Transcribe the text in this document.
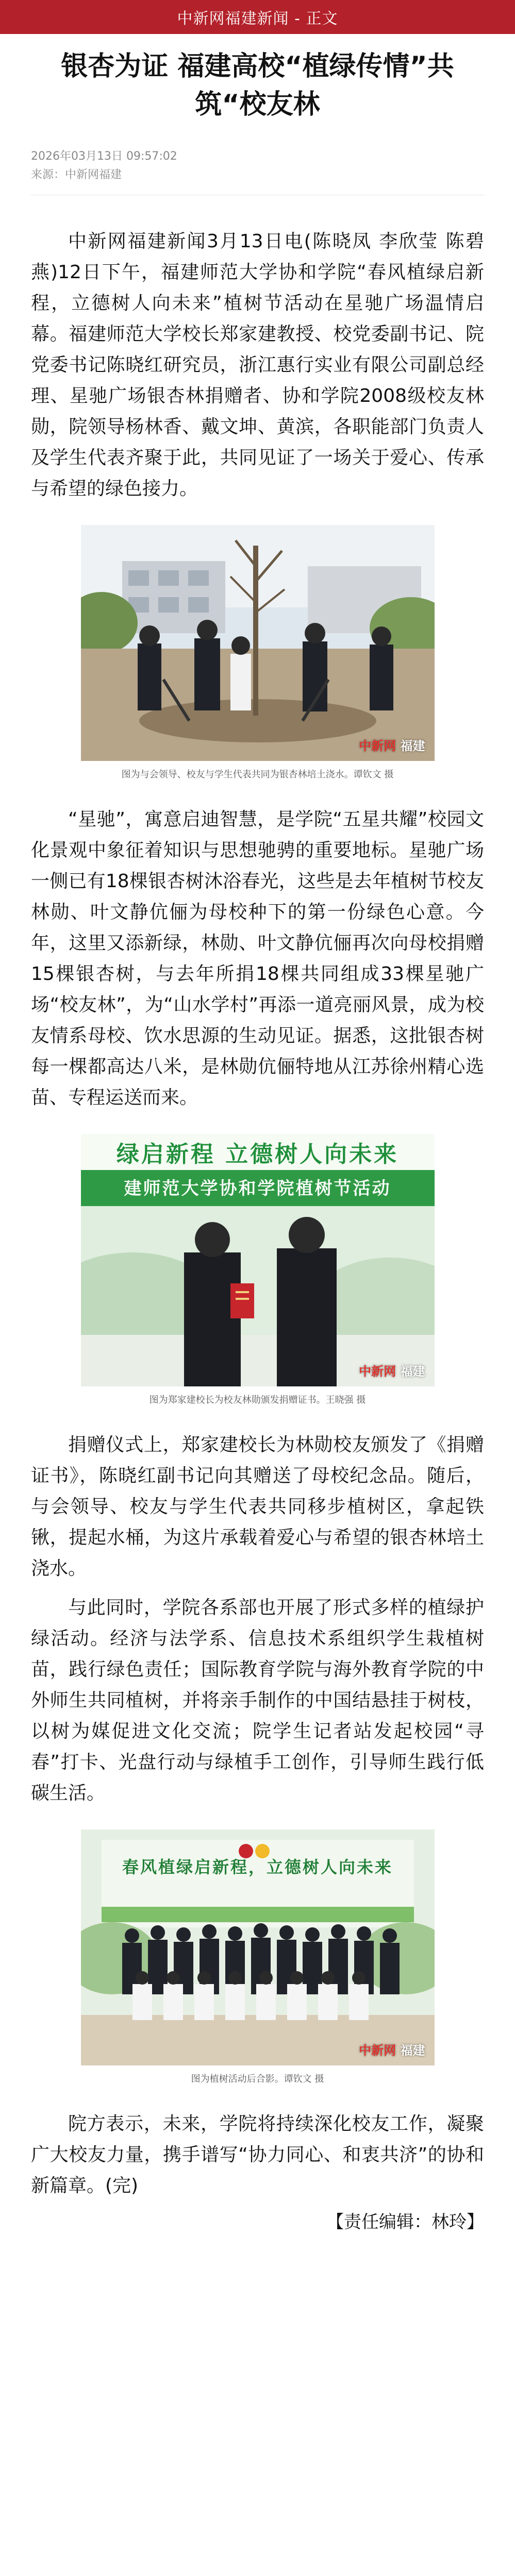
中新网福建新闻 - 正文
银杏为证 福建高校“植绿传情”共筑“校友林
2026年03月13日 09:57:02
来源：中新网福建

中新网福建新闻3月13日电(陈晓凤 李欣莹 陈碧燕)12日下午，福建师范大学协和学院“春风植绿启新程，立德树人向未来”植树节活动在星驰广场温情启幕。福建师范大学校长郑家建教授、校党委副书记、院党委书记陈晓红研究员，浙江惠行实业有限公司副总经理、星驰广场银杏林捐赠者、协和学院2008级校友林勋，院领导杨林香、戴文坤、黄滨，各职能部门负责人及学生代表齐聚于此，共同见证了一场关于爱心、传承与希望的绿色接力。

中新网 福建
图为与会领导、校友与学生代表共同为银杏林培土浇水。谭钦文 摄

“星驰”，寓意启迪智慧，是学院“五星共耀”校园文化景观中象征着知识与思想驰骋的重要地标。星驰广场一侧已有18棵银杏树沐浴春光，这些是去年植树节校友林勋、叶文静伉俪为母校种下的第一份绿色心意。今年，这里又添新绿，林勋、叶文静伉俪再次向母校捐赠15棵银杏树，与去年所捐18棵共同组成33棵星驰广场“校友林”，为“山水学村”再添一道亮丽风景，成为校友情系母校、饮水思源的生动见证。据悉，这批银杏树每一棵都高达八米，是林勋伉俪特地从江苏徐州精心选苗、专程运送而来。

绿启新程 立德树人向未来
建师范大学协和学院植树节活动
中新网 福建
图为郑家建校长为校友林勋颁发捐赠证书。王晓强 摄

捐赠仪式上，郑家建校长为林勋校友颁发了《捐赠证书》，陈晓红副书记向其赠送了母校纪念品。随后，与会领导、校友与学生代表共同移步植树区，拿起铁锹，提起水桶，为这片承载着爱心与希望的银杏林培土浇水。

与此同时，学院各系部也开展了形式多样的植绿护绿活动。经济与法学系、信息技术系组织学生栽植树苗，践行绿色责任；国际教育学院与海外教育学院的中外师生共同植树，并将亲手制作的中国结悬挂于树枝，以树为媒促进文化交流；院学生记者站发起校园“寻春”打卡、光盘行动与绿植手工创作，引导师生践行低碳生活。

春风植绿启新程，立德树人向未来
中新网 福建
图为植树活动后合影。谭钦文 摄

院方表示，未来，学院将持续深化校友工作，凝聚广大校友力量，携手谱写“协力同心、和衷共济”的协和新篇章。(完)

【责任编辑：林玲】
